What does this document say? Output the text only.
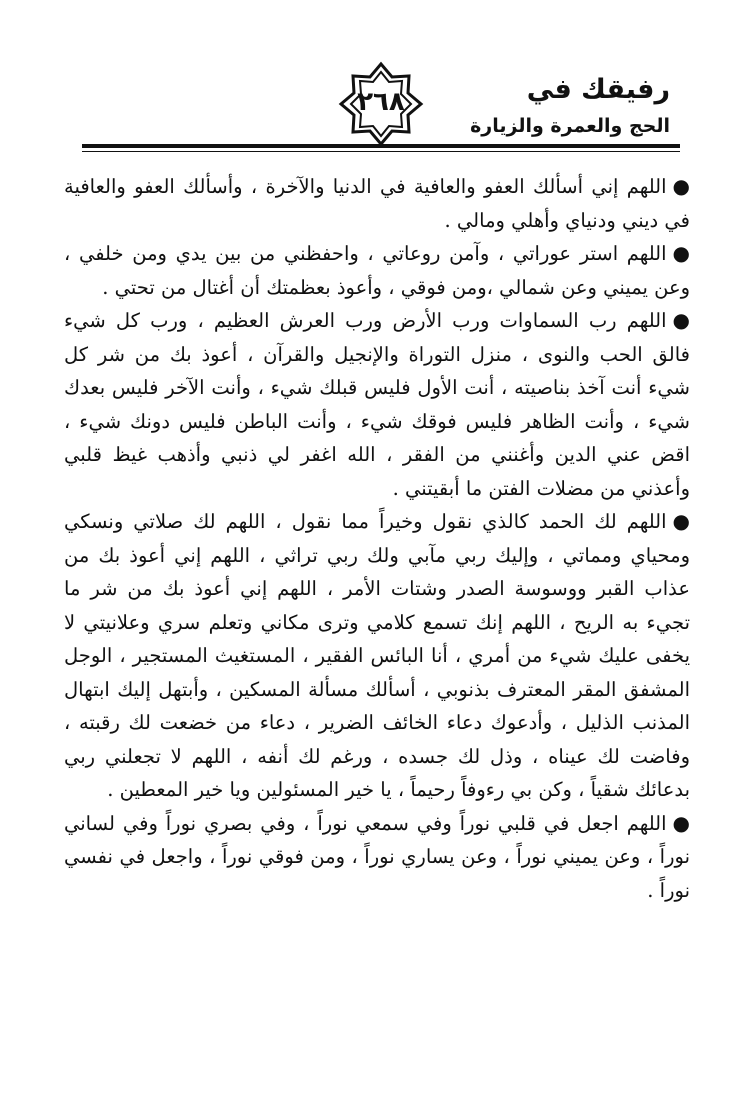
رفيقك في
الحج والعمرة والزيارة
٢٦٨

●اللهم إني أسألك العفو والعافية في الدنيا والآخرة ، وأسألك العفو والعافية في ديني ودنياي وأهلي ومالي .

●اللهم استر عوراتي ، وآمن روعاتي ، واحفظني من بين يدي ومن خلفي ، وعن يميني وعن شمالي ،ومن فوقي ، وأعوذ بعظمتك أن أغتال من تحتي .

●اللهم رب السماوات ورب الأرض ورب العرش العظيم ، ورب كل شيء فالق الحب والنوى ، منزل التوراة والإنجيل والقرآن ، أعوذ بك من شر كل شيء أنت آخذ بناصيته ، أنت الأول فليس قبلك شيء ، وأنت الآخر فليس بعدك شيء ، وأنت الظاهر فليس فوقك شيء ، وأنت الباطن فليس دونك شيء ، اقض عني الدين وأغنني من الفقر ، الله اغفر لي ذنبي وأذهب غيظ قلبي وأعذني من مضلات الفتن ما أبقيتني .

●اللهم لك الحمد كالذي نقول وخيراً مما نقول ، اللهم لك صلاتي ونسكي ومحياي ومماتي ، وإليك ربي مآبي ولك ربي تراثي ، اللهم إني أعوذ بك من عذاب القبر ووسوسة الصدر وشتات الأمر ، اللهم إني أعوذ بك من شر ما تجيء به الريح ، اللهم إنك تسمع كلامي وترى مكاني وتعلم سري وعلانيتي لا يخفى عليك شيء من أمري ، أنا البائس الفقير ، المستغيث المستجير ، الوجل المشفق المقر المعترف بذنوبي ، أسألك مسألة المسكين ، وأبتهل إليك ابتهال المذنب الذليل ، وأدعوك دعاء الخائف الضرير ، دعاء من خضعت لك رقبته ، وفاضت لك عيناه ، وذل لك جسده ، ورغم لك أنفه ، اللهم لا تجعلني ربي بدعائك شقياً ، وكن بي رءوفاً رحيماً ، يا خير المسئولين ويا خير المعطين .

●اللهم اجعل في قلبي نوراً وفي سمعي نوراً ، وفي بصري نوراً وفي لساني نوراً ، وعن يميني نوراً ، وعن يساري نوراً ، ومن فوقي نوراً ، واجعل في نفسي نوراً .
